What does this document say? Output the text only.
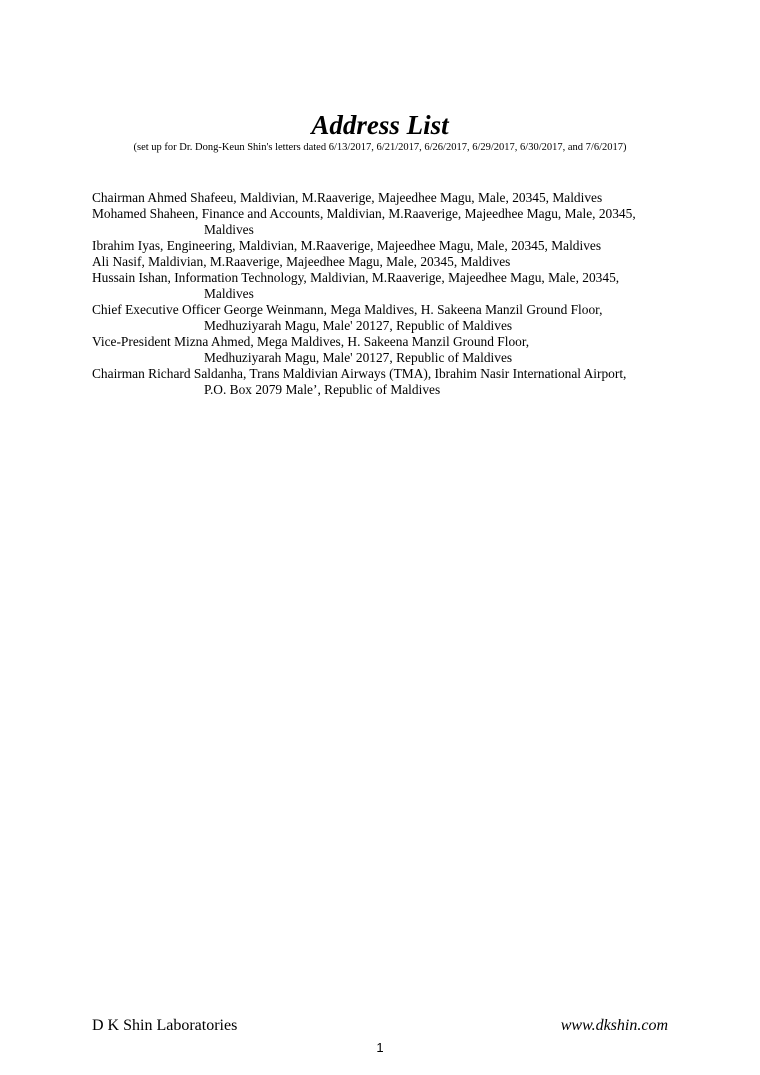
Address List
(set up for Dr. Dong-Keun Shin's letters dated 6/13/2017, 6/21/2017, 6/26/2017, 6/29/2017, 6/30/2017, and 7/6/2017)
Chairman Ahmed Shafeeu, Maldivian, M.Raaverige, Majeedhee Magu, Male, 20345, Maldives
Mohamed Shaheen, Finance and Accounts, Maldivian, M.Raaverige, Majeedhee Magu, Male, 20345,
Maldives
Ibrahim Iyas, Engineering, Maldivian, M.Raaverige, Majeedhee Magu, Male, 20345, Maldives
Ali Nasif, Maldivian, M.Raaverige, Majeedhee Magu, Male, 20345, Maldives
Hussain Ishan, Information Technology, Maldivian, M.Raaverige, Majeedhee Magu, Male, 20345,
Maldives
Chief Executive Officer George Weinmann, Mega Maldives, H. Sakeena Manzil Ground Floor,
Medhuziyarah Magu, Male' 20127, Republic of Maldives
Vice-President Mizna Ahmed, Mega Maldives, H. Sakeena Manzil Ground Floor,
Medhuziyarah Magu, Male' 20127, Republic of Maldives
Chairman Richard Saldanha, Trans Maldivian Airways (TMA), Ibrahim Nasir International Airport,
P.O. Box 2079 Male’, Republic of Maldives
D K Shin Laboratories	www.dkshin.com
1
